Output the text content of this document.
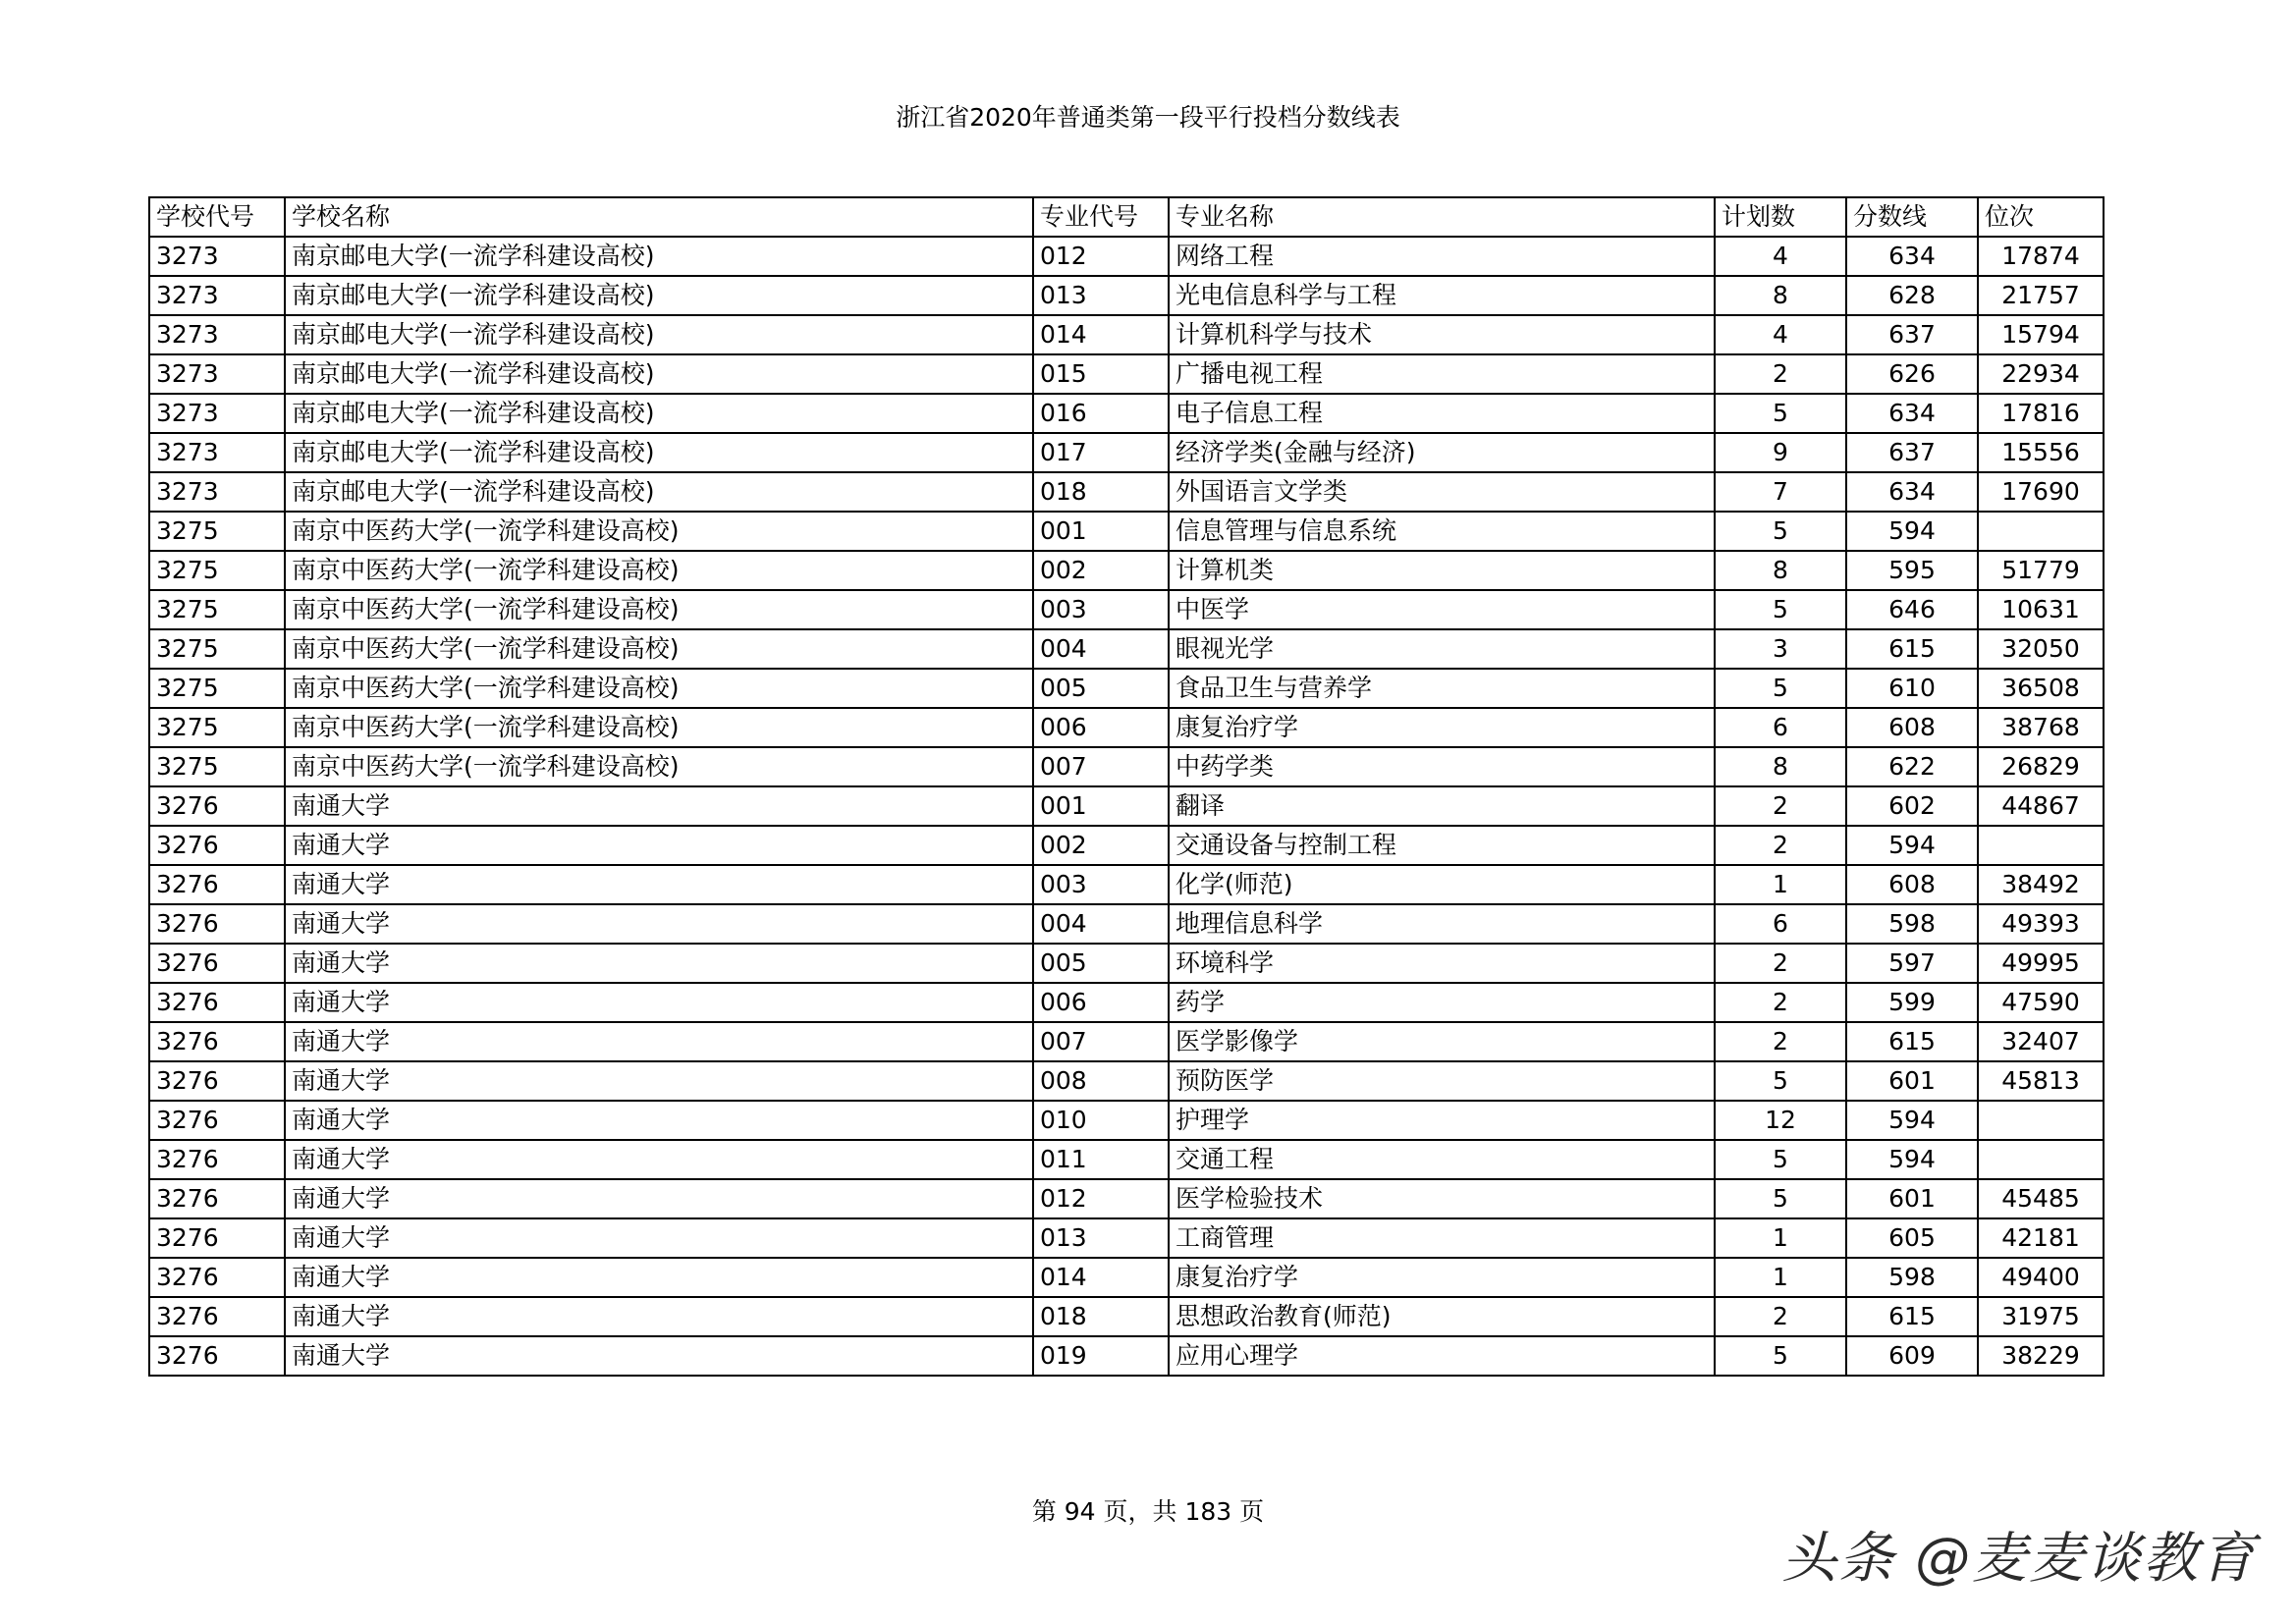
浙江省2020年普通类第一段平行投档分数线表
学校代号	学校名称	专业代号	专业名称	计划数	分数线	位次
3273	南京邮电大学(一流学科建设高校)	012	网络工程	4	634	17874
3273	南京邮电大学(一流学科建设高校)	013	光电信息科学与工程	8	628	21757
3273	南京邮电大学(一流学科建设高校)	014	计算机科学与技术	4	637	15794
3273	南京邮电大学(一流学科建设高校)	015	广播电视工程	2	626	22934
3273	南京邮电大学(一流学科建设高校)	016	电子信息工程	5	634	17816
3273	南京邮电大学(一流学科建设高校)	017	经济学类(金融与经济)	9	637	15556
3273	南京邮电大学(一流学科建设高校)	018	外国语言文学类	7	634	17690
3275	南京中医药大学(一流学科建设高校)	001	信息管理与信息系统	5	594	
3275	南京中医药大学(一流学科建设高校)	002	计算机类	8	595	51779
3275	南京中医药大学(一流学科建设高校)	003	中医学	5	646	10631
3275	南京中医药大学(一流学科建设高校)	004	眼视光学	3	615	32050
3275	南京中医药大学(一流学科建设高校)	005	食品卫生与营养学	5	610	36508
3275	南京中医药大学(一流学科建设高校)	006	康复治疗学	6	608	38768
3275	南京中医药大学(一流学科建设高校)	007	中药学类	8	622	26829
3276	南通大学	001	翻译	2	602	44867
3276	南通大学	002	交通设备与控制工程	2	594	
3276	南通大学	003	化学(师范)	1	608	38492
3276	南通大学	004	地理信息科学	6	598	49393
3276	南通大学	005	环境科学	2	597	49995
3276	南通大学	006	药学	2	599	47590
3276	南通大学	007	医学影像学	2	615	32407
3276	南通大学	008	预防医学	5	601	45813
3276	南通大学	010	护理学	12	594	
3276	南通大学	011	交通工程	5	594	
3276	南通大学	012	医学检验技术	5	601	45485
3276	南通大学	013	工商管理	1	605	42181
3276	南通大学	014	康复治疗学	1	598	49400
3276	南通大学	018	思想政治教育(师范)	2	615	31975
3276	南通大学	019	应用心理学	5	609	38229
第 94 页，共 183 页
头条 @麦麦谈教育
